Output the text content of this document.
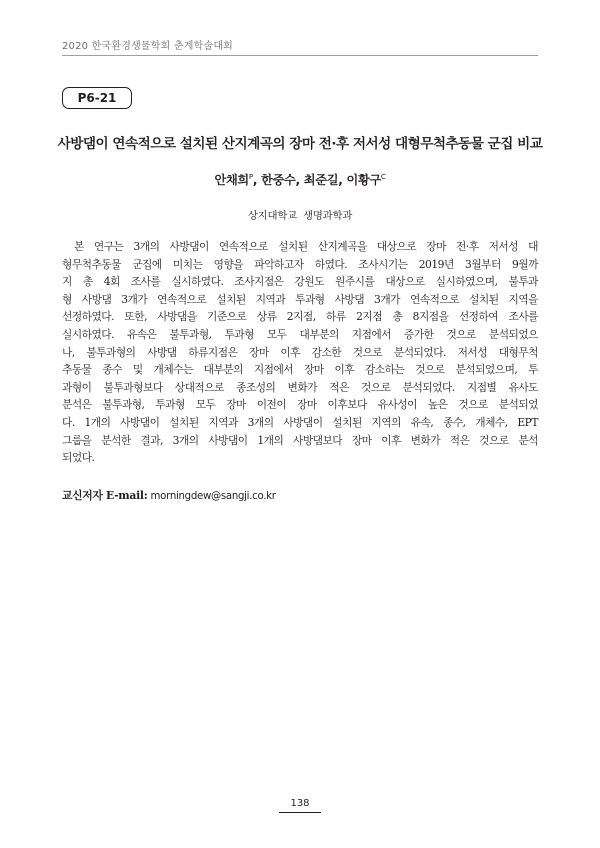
2020 한국환경생물학회 춘계학술대회
P6-21
사방댐이 연속적으로 설치된 산지계곡의 장마 전·후 저서성 대형무척추동물 군집 비교
안채희$^P$, 한중수, 최준길, 이황구$^C$
상지대학교 생명과학과
본 연구는 3개의 사방댐이 연속적으로 설치된 산지계곡을 대상으로 장마 전·후 저서성 대
형무척추동물 군집에 미치는 영향을 파악하고자 하였다. 조사시기는 2019년 3월부터 9월까
지 총 4회 조사를 실시하였다. 조사지점은 강원도 원주시를 대상으로 실시하였으며, 불투과
형 사방댐 3개가 연속적으로 설치된 지역과 투과형 사방댐 3개가 연속적으로 설치된 지역을
선정하였다. 또한, 사방댐을 기준으로 상류 2지점, 하류 2지점 총 8지점을 선정하여 조사를
실시하였다. 유속은 불투과형, 투과형 모두 대부분의 지점에서 증가한 것으로 분석되었으
나, 불투과형의 사방댐 하류지점은 장마 이후 감소한 것으로 분석되었다. 저서성 대형무척
추동물 종수 및 개체수는 대부분의 지점에서 장마 이후 감소하는 것으로 분석되었으며, 투
과형이 불투과형보다 상대적으로 종조성의 변화가 적은 것으로 분석되었다. 지점별 유사도
분석은 불투과형, 투과형 모두 장마 이전이 장마 이후보다 유사성이 높은 것으로 분석되었
다. 1개의 사방댐이 설치된 지역과 3개의 사방댐이 설치된 지역의 유속, 종수, 개체수, EPT
그룹을 분석한 결과, 3개의 사방댐이 1개의 사방댐보다 장마 이후 변화가 적은 것으로 분석
되었다.
교신저자 E-mail: morningdew@sangji.co.kr
138
